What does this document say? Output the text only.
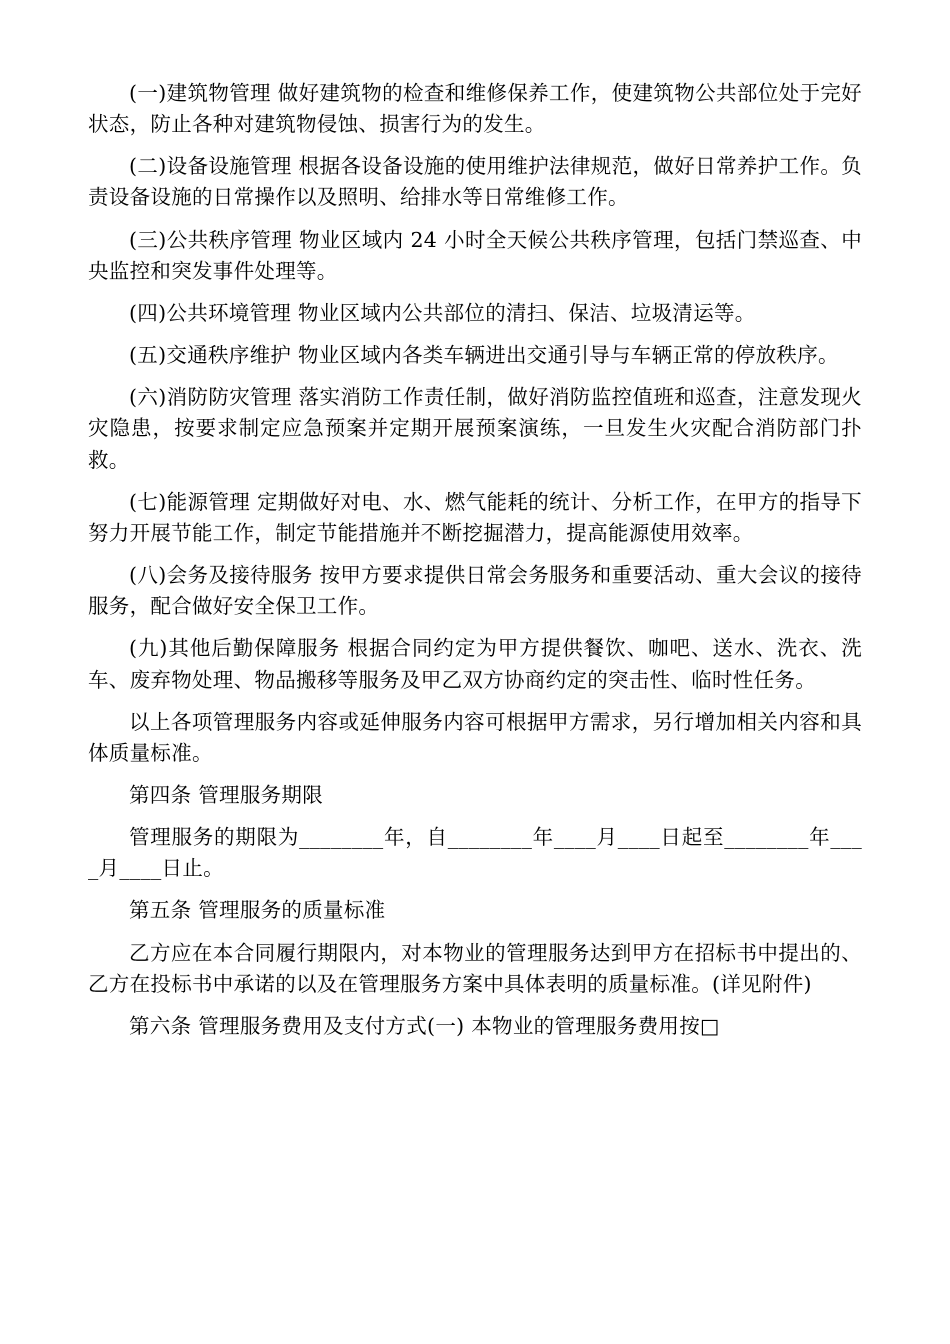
(一)建筑物管理 做好建筑物的检查和维修保养工作，使建筑物公共部位处于完好状态，防止各种对建筑物侵蚀、损害行为的发生。

(二)设备设施管理 根据各设备设施的使用维护法律规范，做好日常养护工作。负责设备设施的日常操作以及照明、给排水等日常维修工作。

(三)公共秩序管理 物业区域内 24 小时全天候公共秩序管理，包括门禁巡查、中央监控和突发事件处理等。

(四)公共环境管理 物业区域内公共部位的清扫、保洁、垃圾清运等。

(五)交通秩序维护 物业区域内各类车辆进出交通引导与车辆正常的停放秩序。

(六)消防防灾管理 落实消防工作责任制，做好消防监控值班和巡查，注意发现火灾隐患，按要求制定应急预案并定期开展预案演练，一旦发生火灾配合消防部门扑救。

(七)能源管理 定期做好对电、水、燃气能耗的统计、分析工作，在甲方的指导下努力开展节能工作，制定节能措施并不断挖掘潜力，提高能源使用效率。

(八)会务及接待服务 按甲方要求提供日常会务服务和重要活动、重大会议的接待服务，配合做好安全保卫工作。

(九)其他后勤保障服务 根据合同约定为甲方提供餐饮、咖吧、送水、洗衣、洗车、废弃物处理、物品搬移等服务及甲乙双方协商约定的突击性、临时性任务。

以上各项管理服务内容或延伸服务内容可根据甲方需求，另行增加相关内容和具体质量标准。

第四条 管理服务期限

管理服务的期限为________年，自________年____月____日起至________年____月____日止。

第五条 管理服务的质量标准

乙方应在本合同履行期限内，对本物业的管理服务达到甲方在招标书中提出的、乙方在投标书中承诺的以及在管理服务方案中具体表明的质量标准。(详见附件)

第六条 管理服务费用及支付方式(一) 本物业的管理服务费用按□
